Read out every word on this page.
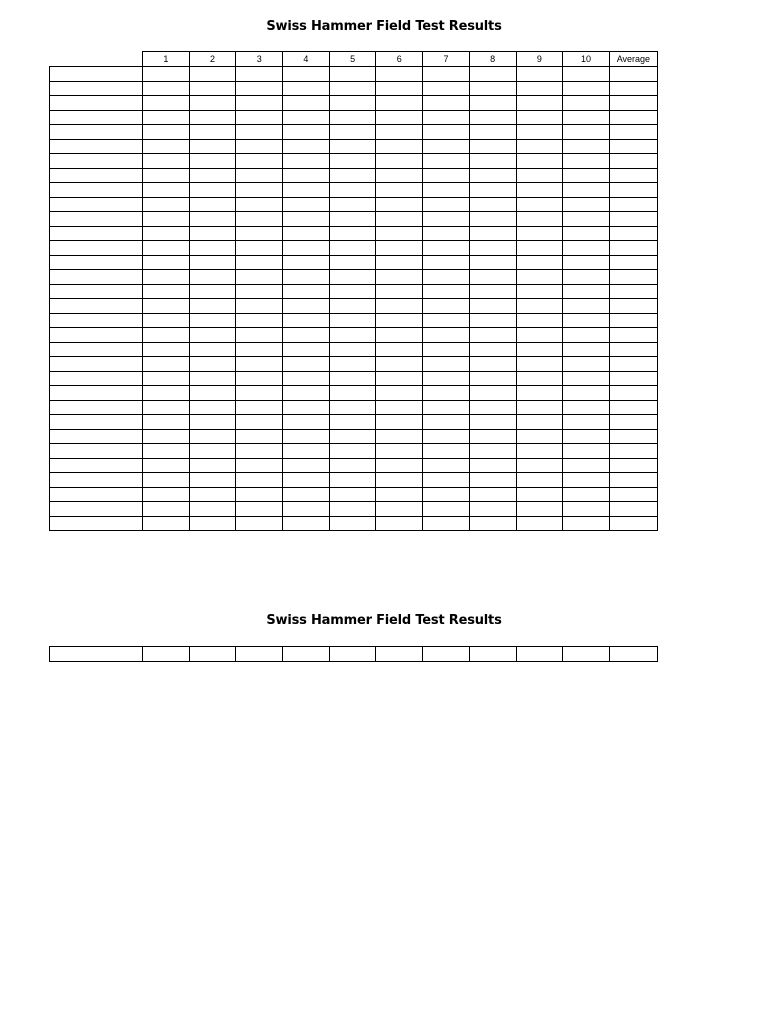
Swiss Hammer Field Test Results
	1	2	3	4	5	6	7	8	9	10	Average

Swiss Hammer Field Test Results
